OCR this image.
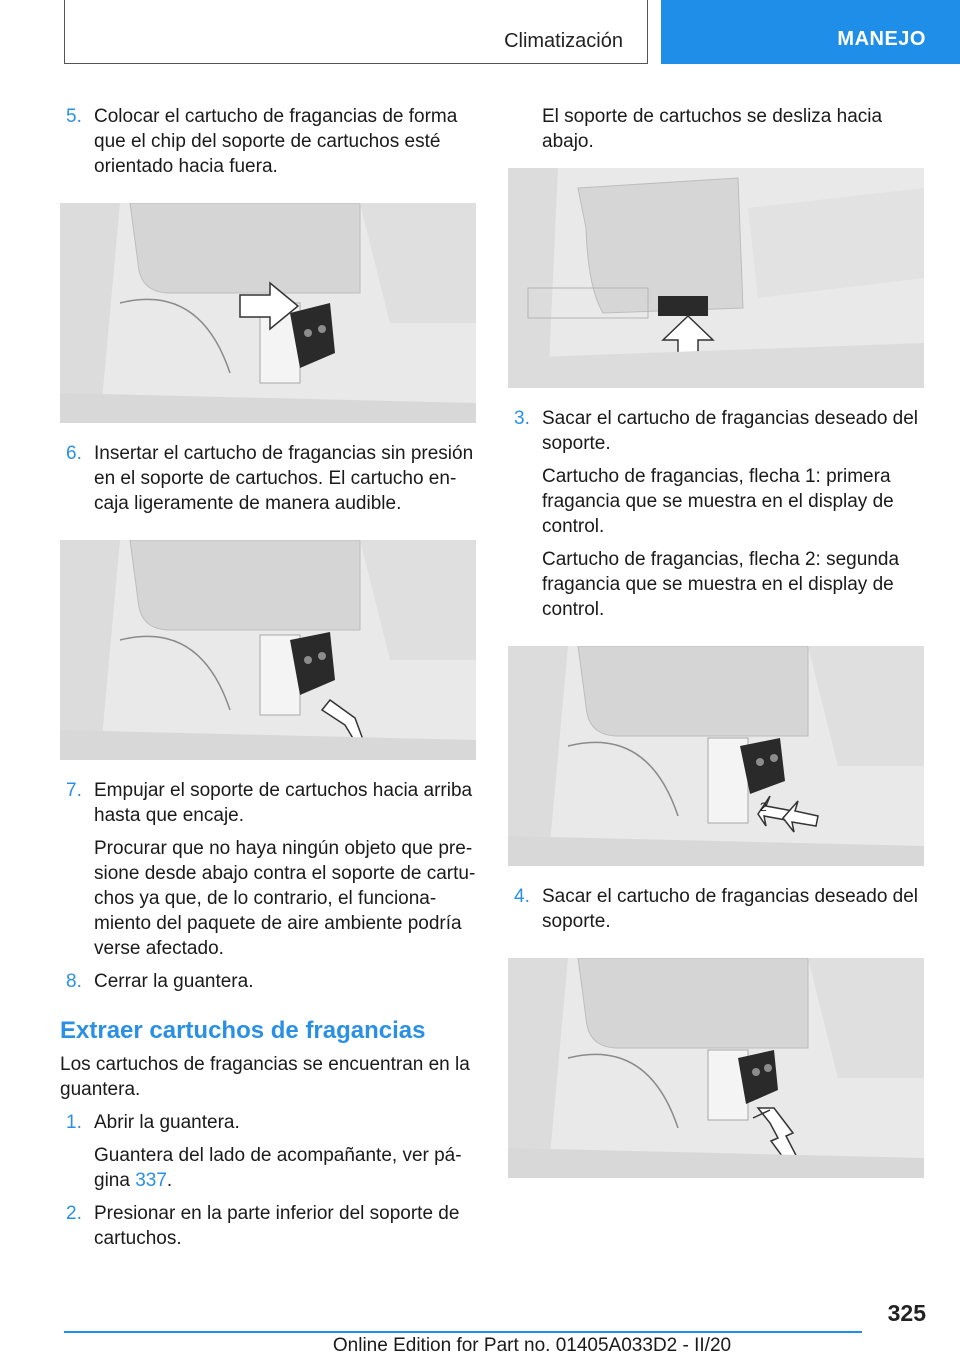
Climatización	MANEJO
5. Colocar el cartucho de fragancias de forma que el chip del soporte de cartuchos esté orientado hacia fuera.

6. Insertar el cartucho de fragancias sin presión en el soporte de cartuchos. El cartucho encaja ligeramente de manera audible.

7. Empujar el soporte de cartuchos hacia arriba hasta que encaje.

Procurar que no haya ningún objeto que presione desde abajo contra el soporte de cartuchos ya que, de lo contrario, el funcionamiento del paquete de aire ambiente podría verse afectado.

8. Cerrar la guantera.

Extraer cartuchos de fragancias

Los cartuchos de fragancias se encuentran en la guantera.

1. Abrir la guantera.

Guantera del lado de acompañante, ver página 337.

2. Presionar en la parte inferior del soporte de cartuchos.

El soporte de cartuchos se desliza hacia abajo.

3. Sacar el cartucho de fragancias deseado del soporte.

Cartucho de fragancias, flecha 1: primera fragancia que se muestra en el display de control.

Cartucho de fragancias, flecha 2: segunda fragancia que se muestra en el display de control.

2
4. Sacar el cartucho de fragancias deseado del soporte.

325
Online Edition for Part no. 01405A033D2 - II/20
